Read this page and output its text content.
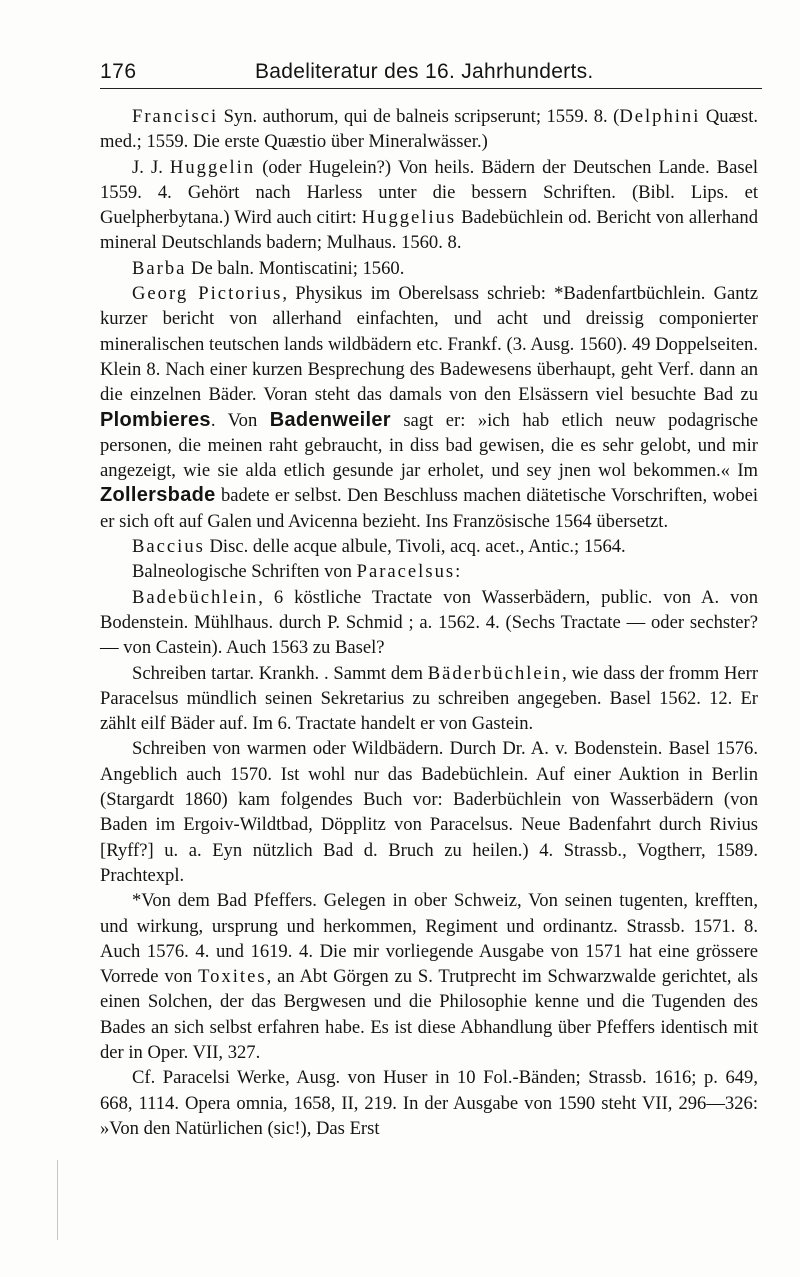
176	Badeliteratur des 16. Jahrhunderts.

Francisci Syn. authorum, qui de balneis scripserunt; 1559. 8. (Delphini Quæst. med.; 1559. Die erste Quæstio über Mineralwässer.)

J. J. Huggelin (oder Hugelein?) Von heils. Bädern der Deutschen Lande. Basel 1559. 4. Gehört nach Harless unter die bessern Schriften. (Bibl. Lips. et Guelpherbytana.) Wird auch citirt: Huggelius Badebüchlein od. Bericht von allerhand mineral Deutschlands badern; Mulhaus. 1560. 8.

Barba De baln. Montiscatini; 1560.

Georg Pictorius, Physikus im Oberelsass schrieb: *Badenfartbüchlein. Gantz kurzer bericht von allerhand einfachten, und acht und dreissig componierter mineralischen teutschen lands wildbädern etc. Frankf. (3. Ausg. 1560). 49 Doppelseiten. Klein 8. Nach einer kurzen Besprechung des Badewesens überhaupt, geht Verf. dann an die einzelnen Bäder. Voran steht das damals von den Elsässern viel besuchte Bad zu Plombieres. Von Badenweiler sagt er: »ich hab etlich neuw podagrische personen, die meinen raht gebraucht, in diss bad gewisen, die es sehr gelobt, und mir angezeigt, wie sie alda etlich gesunde jar erholet, und sey jnen wol bekommen.« Im Zollersbade badete er selbst. Den Beschluss machen diätetische Vorschriften, wobei er sich oft auf Galen und Avicenna bezieht. Ins Französische 1564 übersetzt.

Baccius Disc. delle acque albule, Tivoli, acq. acet., Antic.; 1564.

Balneologische Schriften von Paracelsus:

Badebüchlein, 6 köstliche Tractate von Wasserbädern, public. von A. von Bodenstein. Mühlhaus. durch P. Schmid ; a. 1562. 4. (Sechs Tractate — oder sechster? — von Castein). Auch 1563 zu Basel?

Schreiben tartar. Krankh. . Sammt dem Bäderbüchlein, wie dass der fromm Herr Paracelsus mündlich seinen Sekretarius zu schreiben angegeben. Basel 1562. 12. Er zählt eilf Bäder auf. Im 6. Tractate handelt er von Gastein.

Schreiben von warmen oder Wildbädern. Durch Dr. A. v. Bodenstein. Basel 1576. Angeblich auch 1570. Ist wohl nur das Badebüchlein. Auf einer Auktion in Berlin (Stargardt 1860) kam folgendes Buch vor: Baderbüchlein von Wasserbädern (von Baden im Ergoiv-Wildtbad, Döpplitz von Paracelsus. Neue Badenfahrt durch Rivius [Ryff?] u. a. Eyn nützlich Bad d. Bruch zu heilen.) 4. Strassb., Vogtherr, 1589. Prachtexpl.

*Von dem Bad Pfeffers. Gelegen in ober Schweiz, Von seinen tugenten, krefften, und wirkung, ursprung und herkommen, Regiment und ordinantz. Strassb. 1571. 8. Auch 1576. 4. und 1619. 4. Die mir vorliegende Ausgabe von 1571 hat eine grössere Vorrede von Toxites, an Abt Görgen zu S. Trutprecht im Schwarzwalde gerichtet, als einen Solchen, der das Bergwesen und die Philosophie kenne und die Tugenden des Bades an sich selbst erfahren habe. Es ist diese Abhandlung über Pfeffers identisch mit der in Oper. VII, 327.

Cf. Paracelsi Werke, Ausg. von Huser in 10 Fol.-Bänden; Strassb. 1616; p. 649, 668, 1114. Opera omnia, 1658, II, 219. In der Ausgabe von 1590 steht VII, 296—326: »Von den Natürlichen (sic!), Das Erst
